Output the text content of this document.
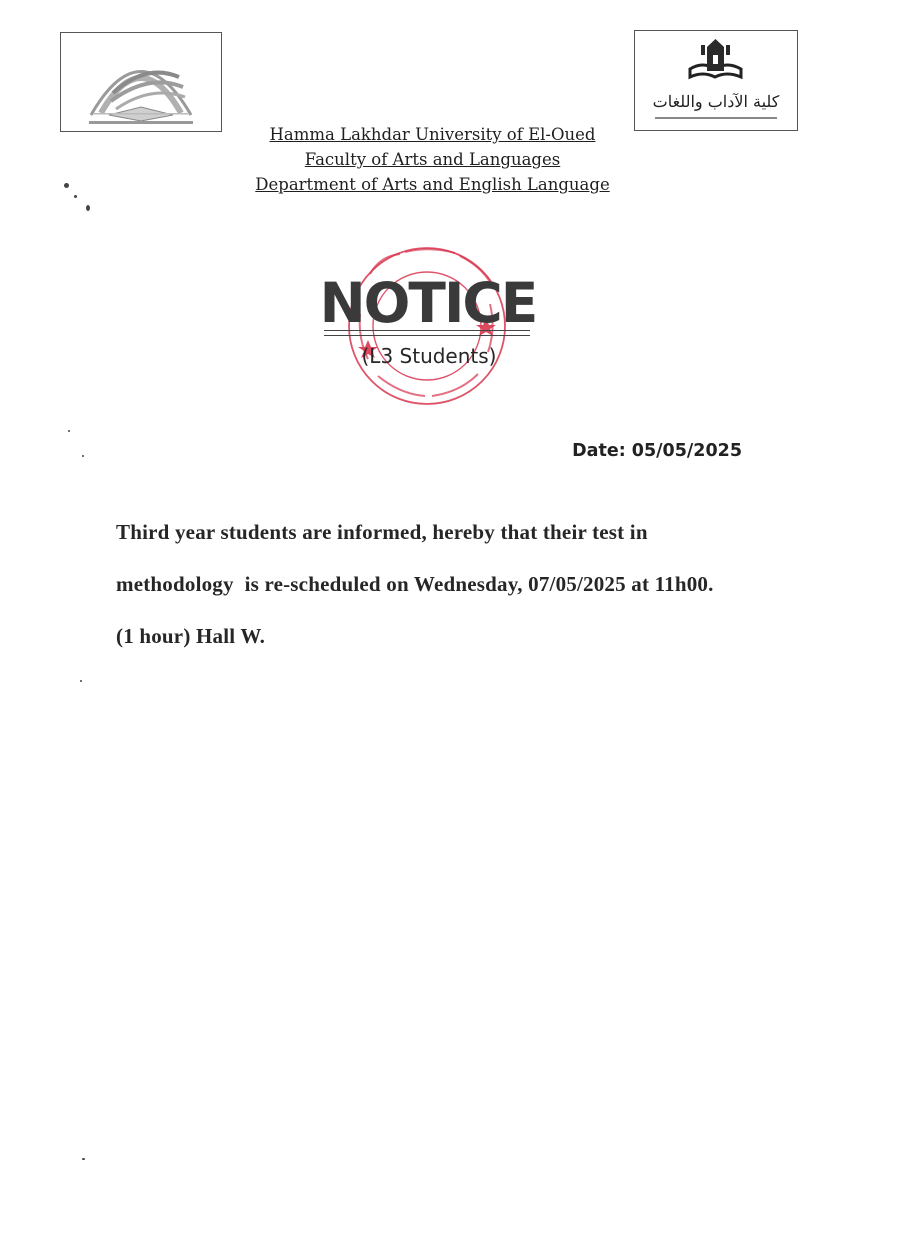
كلية الآداب واللغات
Hamma Lakhdar University of El-Oued
Faculty of Arts and Languages
Department of Arts and English Language
NOTICE
(L3 Students)
Date: 05/05/2025
Third year students are informed, hereby that their test in
methodology  is re-scheduled on Wednesday, 07/05/2025 at 11h00.
(1 hour) Hall W.
